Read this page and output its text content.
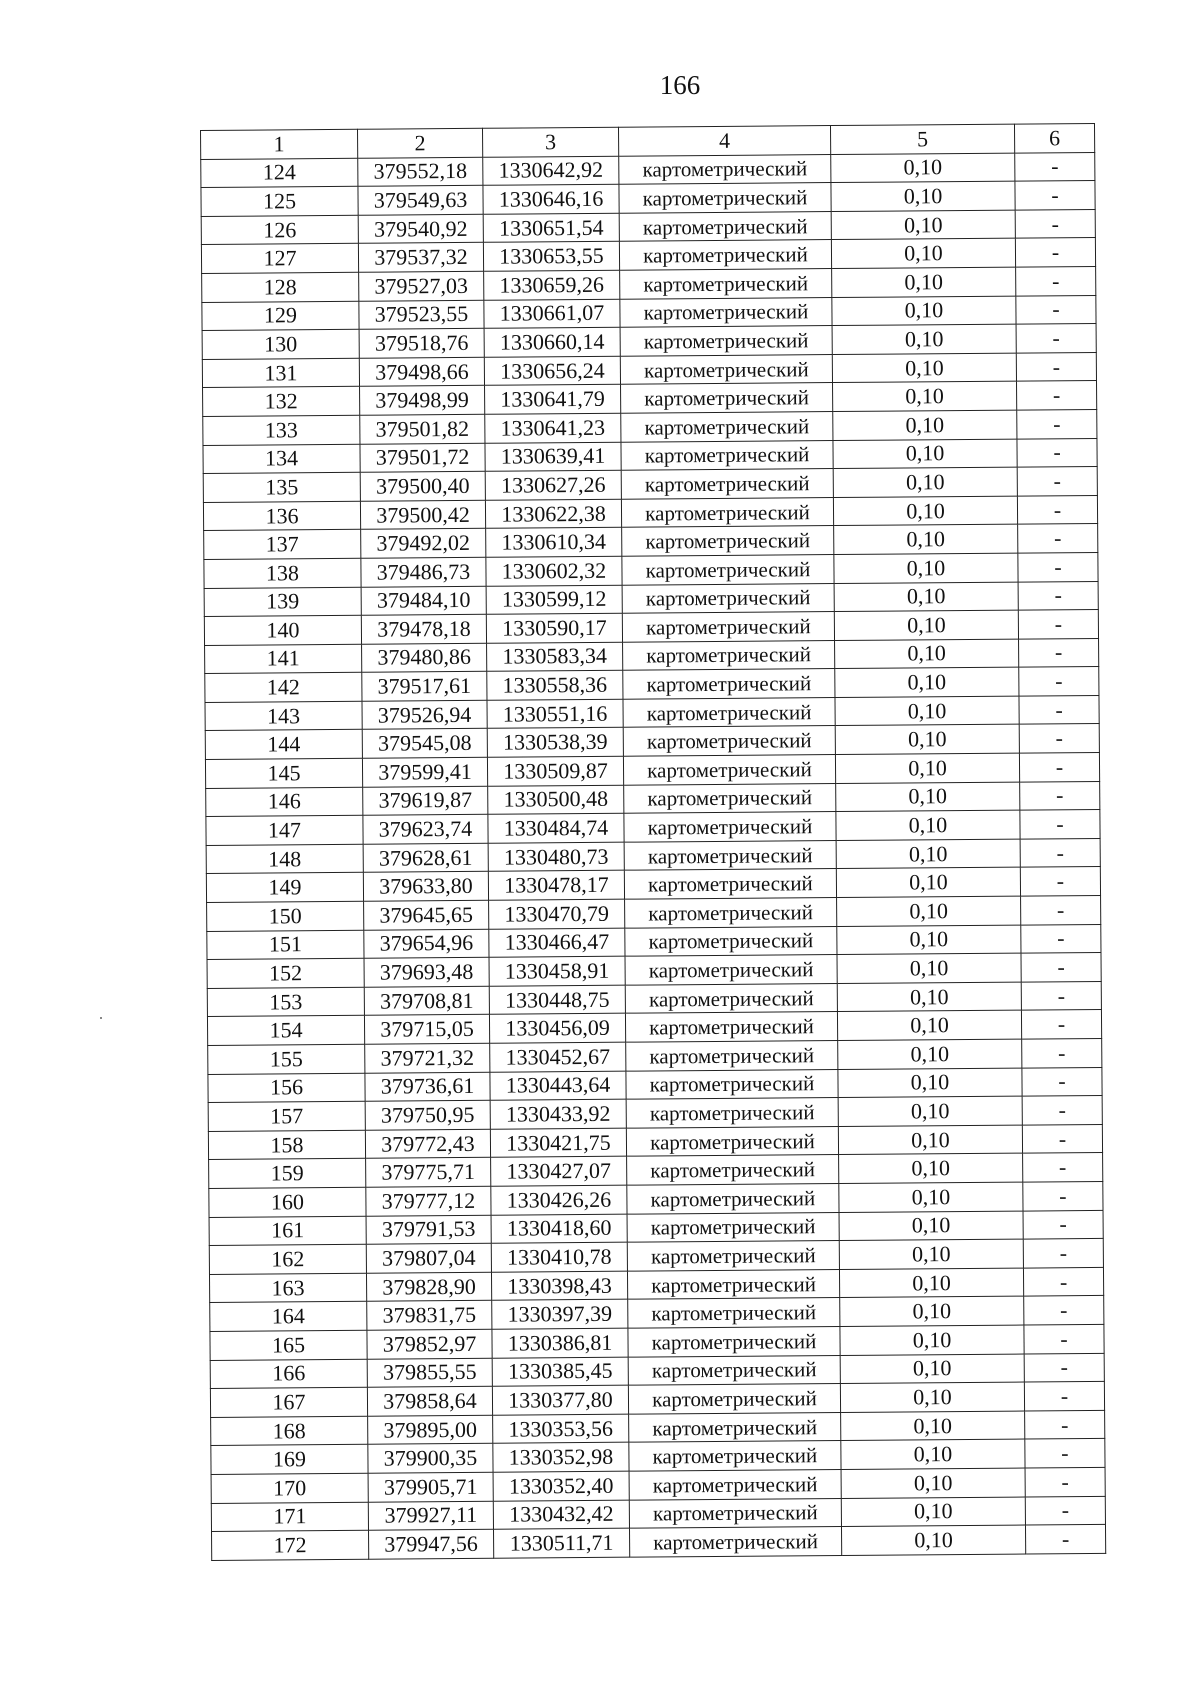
166
1	2	3	4	5	6
124	379552,18	1330642,92	картометрический	0,10	-
125	379549,63	1330646,16	картометрический	0,10	-
126	379540,92	1330651,54	картометрический	0,10	-
127	379537,32	1330653,55	картометрический	0,10	-
128	379527,03	1330659,26	картометрический	0,10	-
129	379523,55	1330661,07	картометрический	0,10	-
130	379518,76	1330660,14	картометрический	0,10	-
131	379498,66	1330656,24	картометрический	0,10	-
132	379498,99	1330641,79	картометрический	0,10	-
133	379501,82	1330641,23	картометрический	0,10	-
134	379501,72	1330639,41	картометрический	0,10	-
135	379500,40	1330627,26	картометрический	0,10	-
136	379500,42	1330622,38	картометрический	0,10	-
137	379492,02	1330610,34	картометрический	0,10	-
138	379486,73	1330602,32	картометрический	0,10	-
139	379484,10	1330599,12	картометрический	0,10	-
140	379478,18	1330590,17	картометрический	0,10	-
141	379480,86	1330583,34	картометрический	0,10	-
142	379517,61	1330558,36	картометрический	0,10	-
143	379526,94	1330551,16	картометрический	0,10	-
144	379545,08	1330538,39	картометрический	0,10	-
145	379599,41	1330509,87	картометрический	0,10	-
146	379619,87	1330500,48	картометрический	0,10	-
147	379623,74	1330484,74	картометрический	0,10	-
148	379628,61	1330480,73	картометрический	0,10	-
149	379633,80	1330478,17	картометрический	0,10	-
150	379645,65	1330470,79	картометрический	0,10	-
151	379654,96	1330466,47	картометрический	0,10	-
152	379693,48	1330458,91	картометрический	0,10	-
153	379708,81	1330448,75	картометрический	0,10	-
154	379715,05	1330456,09	картометрический	0,10	-
155	379721,32	1330452,67	картометрический	0,10	-
156	379736,61	1330443,64	картометрический	0,10	-
157	379750,95	1330433,92	картометрический	0,10	-
158	379772,43	1330421,75	картометрический	0,10	-
159	379775,71	1330427,07	картометрический	0,10	-
160	379777,12	1330426,26	картометрический	0,10	-
161	379791,53	1330418,60	картометрический	0,10	-
162	379807,04	1330410,78	картометрический	0,10	-
163	379828,90	1330398,43	картометрический	0,10	-
164	379831,75	1330397,39	картометрический	0,10	-
165	379852,97	1330386,81	картометрический	0,10	-
166	379855,55	1330385,45	картометрический	0,10	-
167	379858,64	1330377,80	картометрический	0,10	-
168	379895,00	1330353,56	картометрический	0,10	-
169	379900,35	1330352,98	картометрический	0,10	-
170	379905,71	1330352,40	картометрический	0,10	-
171	379927,11	1330432,42	картометрический	0,10	-
172	379947,56	1330511,71	картометрический	0,10	-
